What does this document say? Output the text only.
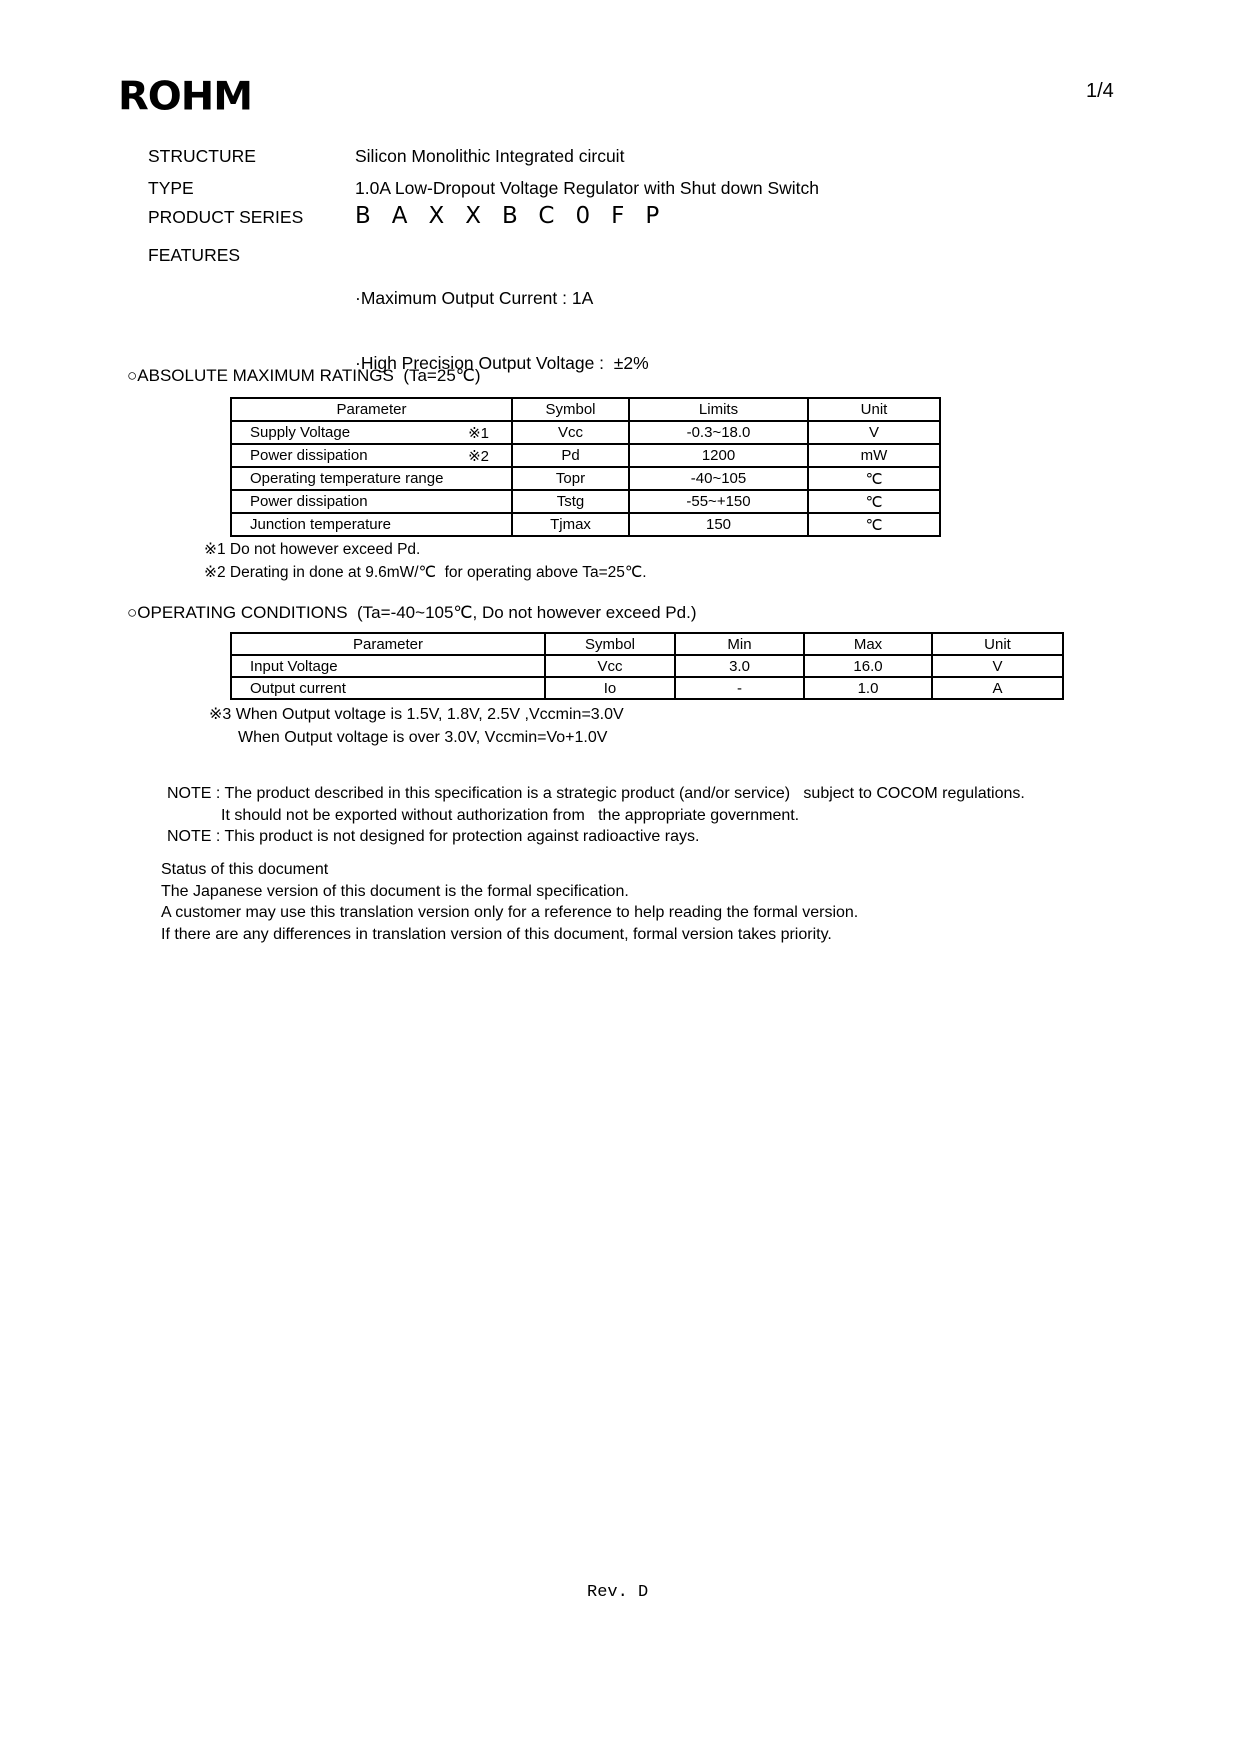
ROHM	1/4
STRUCTURE	Silicon Monolithic Integrated circuit
TYPE	1.0A Low-Dropout Voltage Regulator with Shut down Switch
PRODUCT SERIES	BAXXBC0FP
FEATURES

·Maximum Output Current : 1A

·High Precision Output Voltage :  ±2%

○ABSOLUTE MAXIMUM RATINGS  (Ta=25℃)
Parameter	Symbol	Limits	Unit
Supply Voltage ※1	Vcc	-0.3~18.0	V
Power dissipation ※2	Pd	1200	mW
Operating temperature range	Topr	-40~105	℃
Power dissipation	Tstg	-55~+150	℃
Junction temperature	Tjmax	150	℃
※1 Do not however exceed Pd.
※2 Derating in done at 9.6mW/℃  for operating above Ta=25℃.
○OPERATING CONDITIONS  (Ta=-40~105℃, Do not however exceed Pd.)
Parameter	Symbol	Min	Max	Unit
Input Voltage	Vcc	3.0	16.0	V
Output current	Io	-	1.0	A
※3 When Output voltage is 1.5V, 1.8V, 2.5V ,Vccmin=3.0V
When Output voltage is over 3.0V, Vccmin=Vo+1.0V
NOTE : The product described in this specification is a strategic product (and/or service)   subject to COCOM regulations.
It should not be exported without authorization from   the appropriate government.
NOTE : This product is not designed for protection against radioactive rays.
Status of this document
The Japanese version of this document is the formal specification.
A customer may use this translation version only for a reference to help reading the formal version.
If there are any differences in translation version of this document, formal version takes priority.
Rev. D
